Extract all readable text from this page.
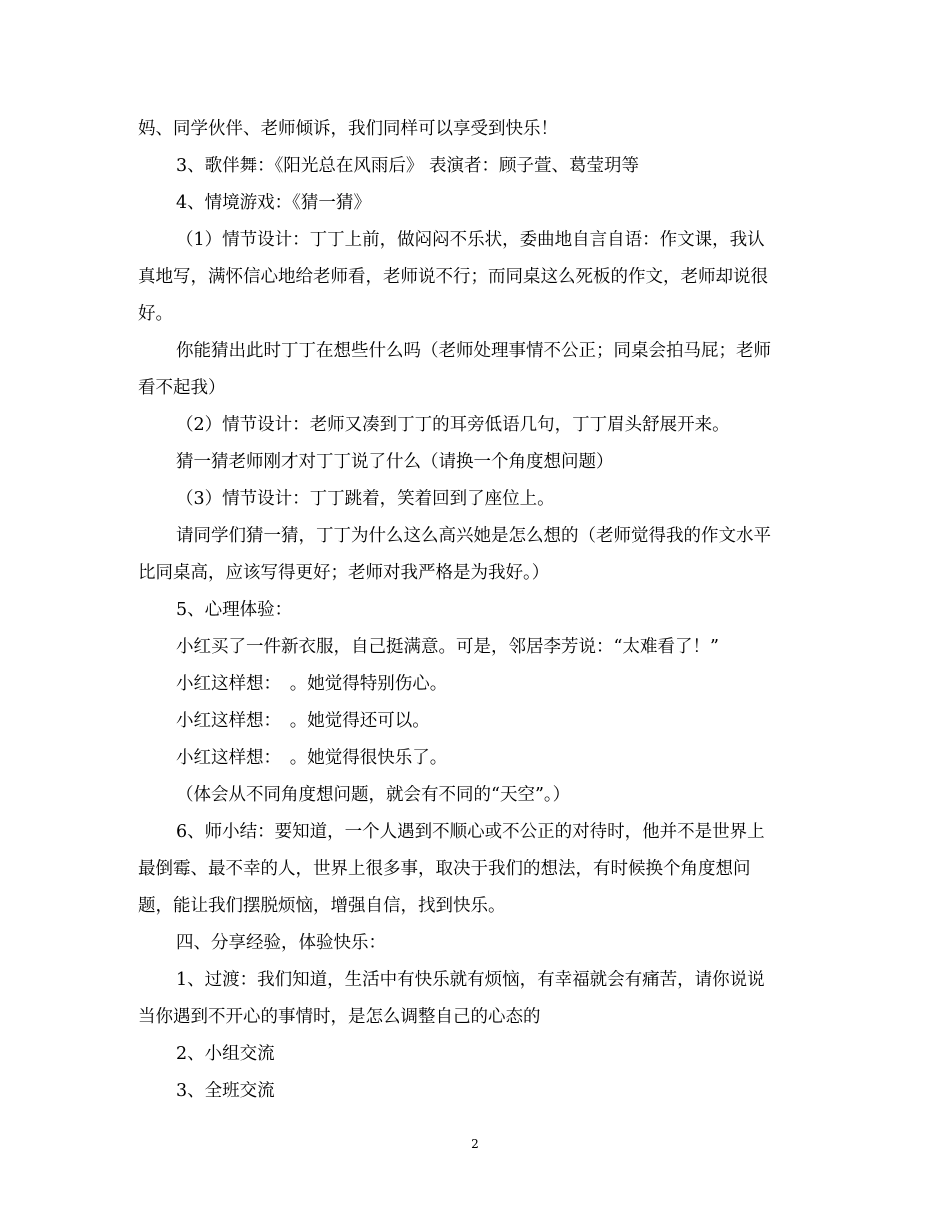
妈、同学伙伴、老师倾诉，我们同样可以享受到快乐！
3、歌伴舞：《阳光总在风雨后》 表演者：顾子萱、葛莹玥等
4、情境游戏：《猜一猜》
（1）情节设计：丁丁上前，做闷闷不乐状，委曲地自言自语：作文课，我认
真地写，满怀信心地给老师看，老师说不行；而同桌这么死板的作文，老师却说很
好。
你能猜出此时丁丁在想些什么吗（老师处理事情不公正；同桌会拍马屁；老师
看不起我）
（2）情节设计：老师又凑到丁丁的耳旁低语几句，丁丁眉头舒展开来。
猜一猜老师刚才对丁丁说了什么（请换一个角度想问题）
（3）情节设计：丁丁跳着，笑着回到了座位上。
请同学们猜一猜，丁丁为什么这么高兴她是怎么想的（老师觉得我的作文水平
比同桌高，应该写得更好；老师对我严格是为我好。）
5、心理体验：
小红买了一件新衣服，自己挺满意。可是，邻居李芳说：“太难看了！”
小红这样想：　。她觉得特别伤心。
小红这样想：　。她觉得还可以。
小红这样想：　。她觉得很快乐了。
（体会从不同角度想问题，就会有不同的“天空”。）
6、师小结：要知道，一个人遇到不顺心或不公正的对待时，他并不是世界上
最倒霉、最不幸的人，世界上很多事，取决于我们的想法，有时候换个角度想问
题，能让我们摆脱烦恼，增强自信，找到快乐。
四、分享经验，体验快乐：
1、过渡：我们知道，生活中有快乐就有烦恼，有幸福就会有痛苦，请你说说
当你遇到不开心的事情时，是怎么调整自己的心态的
2、小组交流
3、全班交流
2
